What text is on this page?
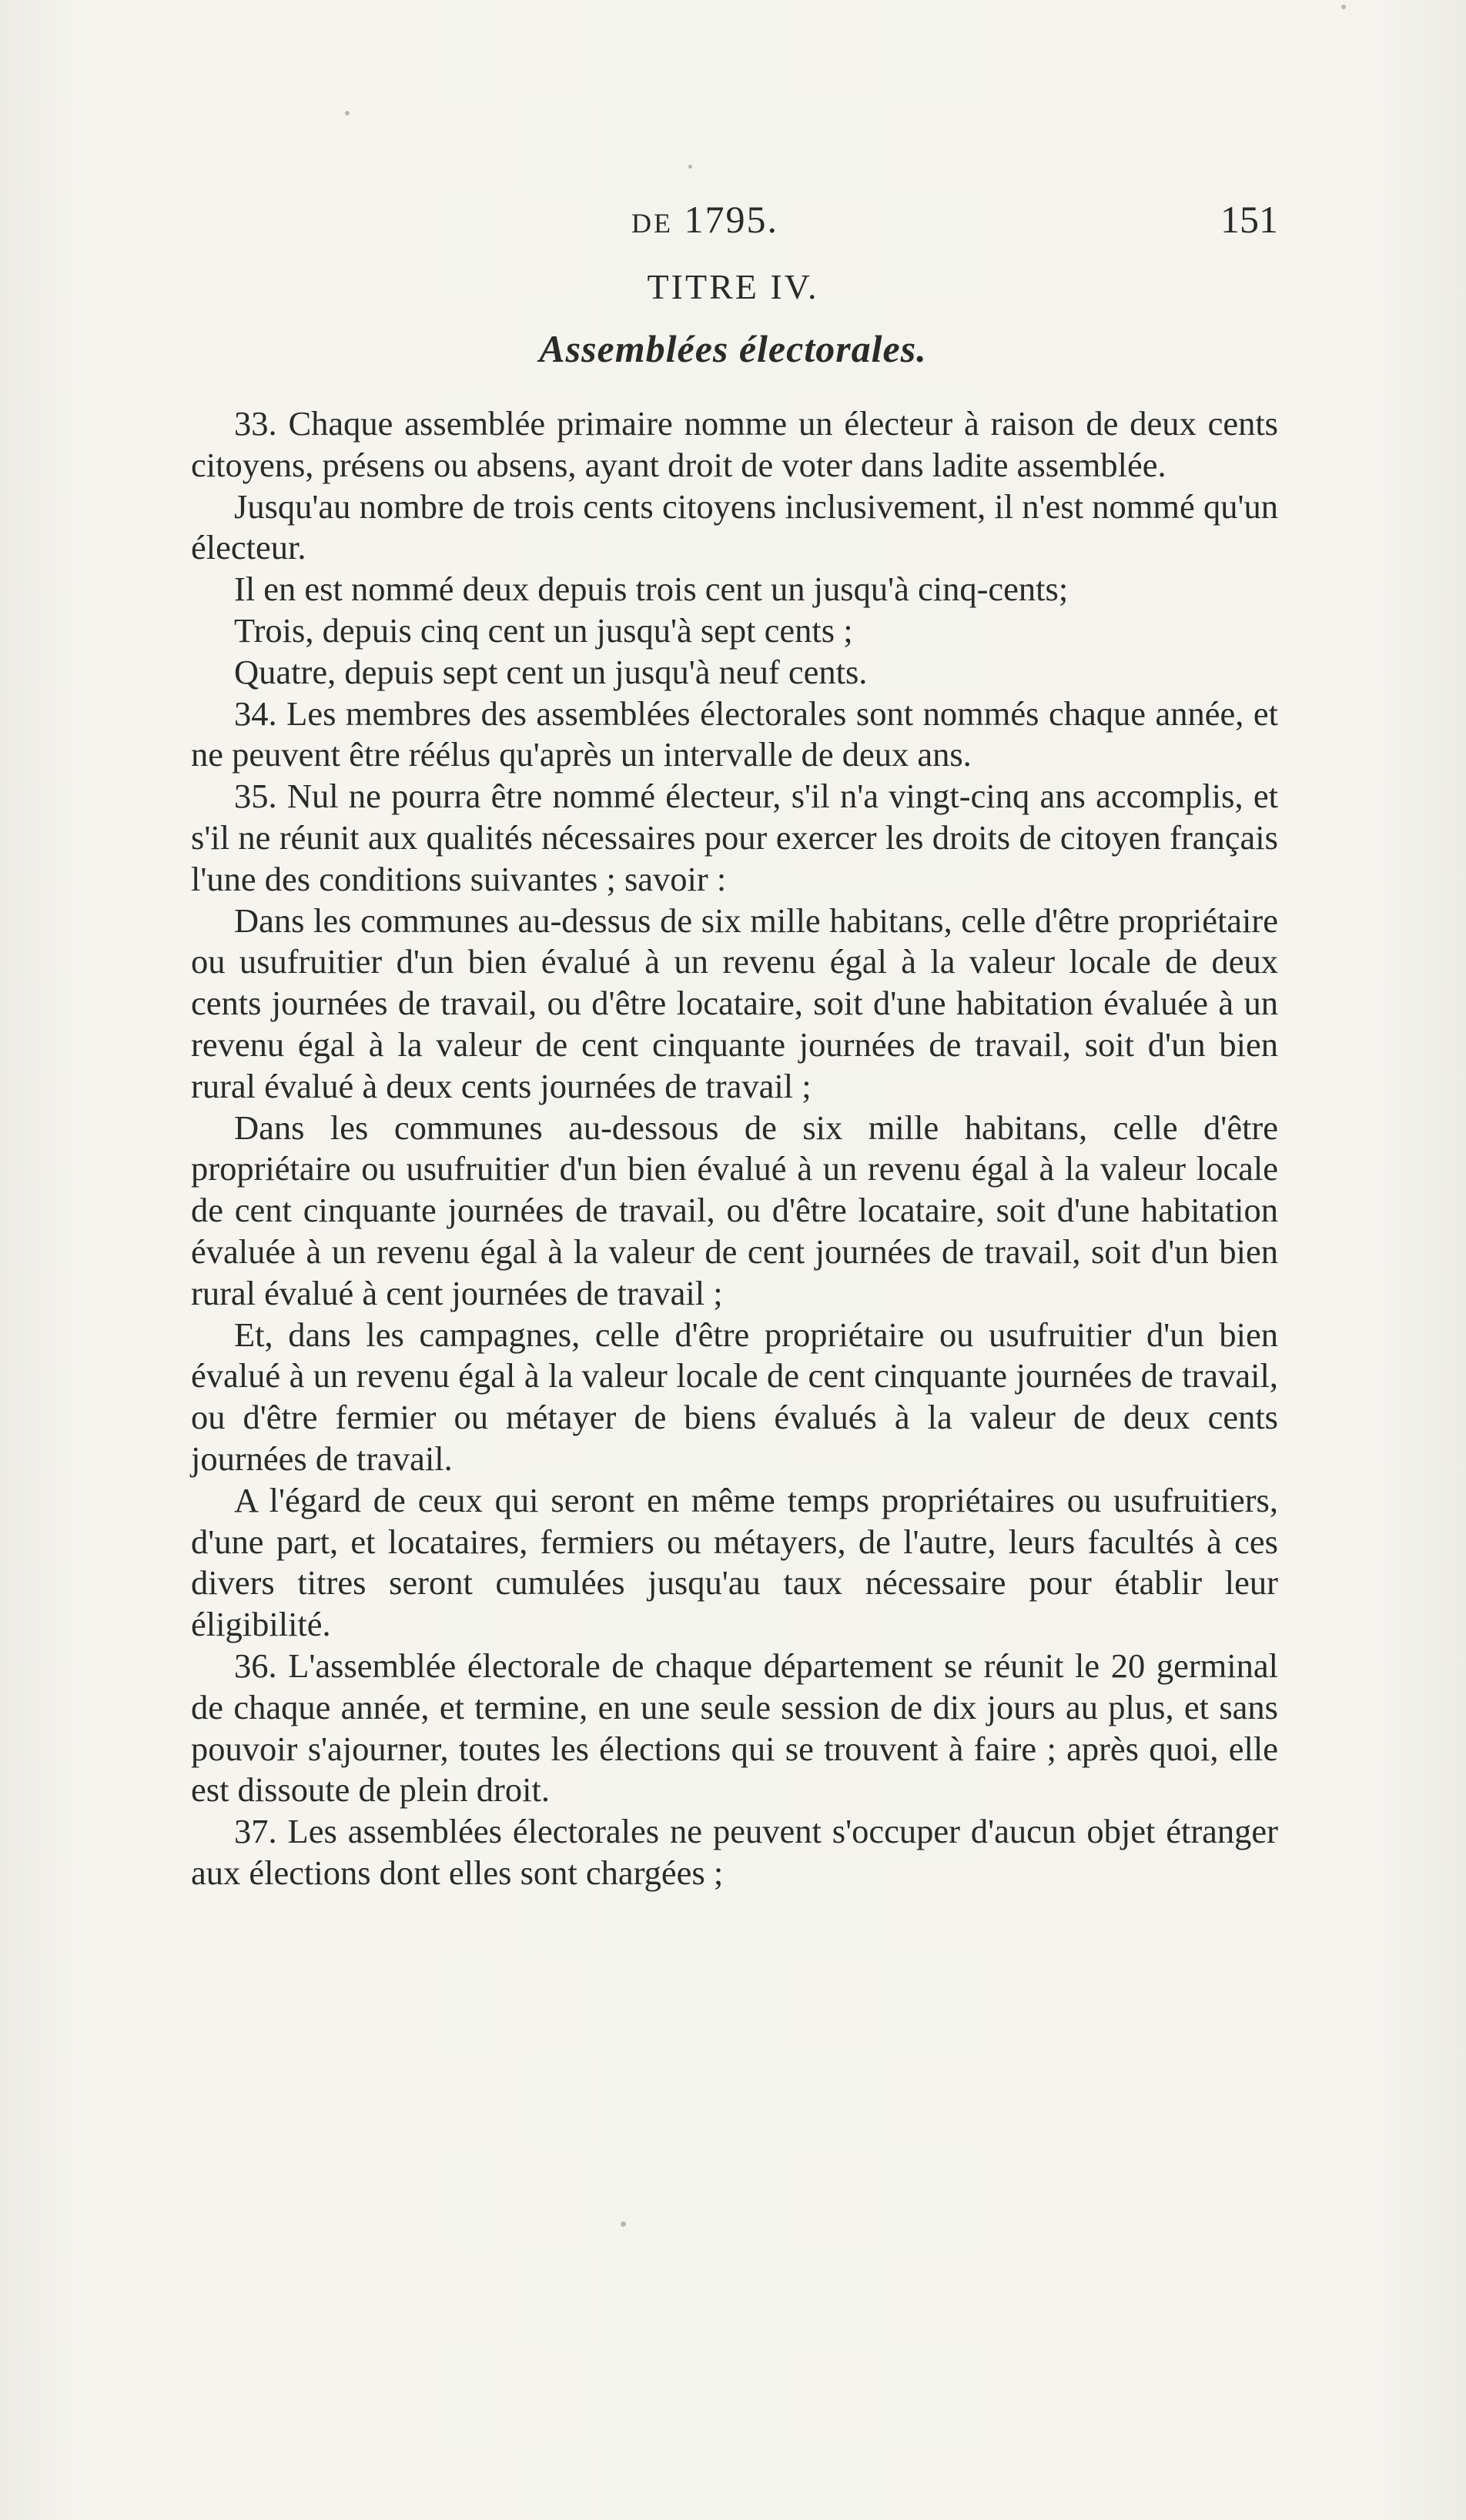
DE 1795.	151
TITRE IV.
Assemblées électorales.

33. Chaque assemblée primaire nomme un électeur à raison de deux cents citoyens, présens ou absens, ayant droit de voter dans ladite assemblée.

Jusqu'au nombre de trois cents citoyens inclusivement, il n'est nommé qu'un électeur.

Il en est nommé deux depuis trois cent un jusqu'à cinq-cents;

Trois, depuis cinq cent un jusqu'à sept cents ;

Quatre, depuis sept cent un jusqu'à neuf cents.

34. Les membres des assemblées électorales sont nommés chaque année, et ne peuvent être réélus qu'après un intervalle de deux ans.

35. Nul ne pourra être nommé électeur, s'il n'a vingt-cinq ans accomplis, et s'il ne réunit aux qualités nécessaires pour exercer les droits de citoyen français l'une des conditions suivantes ; savoir :

Dans les communes au-dessus de six mille habitans, celle d'être propriétaire ou usufruitier d'un bien évalué à un revenu égal à la valeur locale de deux cents journées de travail, ou d'être locataire, soit d'une habitation évaluée à un revenu égal à la valeur de cent cinquante journées de travail, soit d'un bien rural évalué à deux cents journées de travail ;

Dans les communes au-dessous de six mille habitans, celle d'être propriétaire ou usufruitier d'un bien évalué à un revenu égal à la valeur locale de cent cinquante journées de travail, ou d'être locataire, soit d'une habitation évaluée à un revenu égal à la valeur de cent journées de travail, soit d'un bien rural évalué à cent journées de travail ;

Et, dans les campagnes, celle d'être propriétaire ou usufruitier d'un bien évalué à un revenu égal à la valeur locale de cent cinquante journées de travail, ou d'être fermier ou métayer de biens évalués à la valeur de deux cents journées de travail.

A l'égard de ceux qui seront en même temps propriétaires ou usufruitiers, d'une part, et locataires, fermiers ou métayers, de l'autre, leurs facultés à ces divers titres seront cumulées jusqu'au taux nécessaire pour établir leur éligibilité.

36. L'assemblée électorale de chaque département se réunit le 20 germinal de chaque année, et termine, en une seule session de dix jours au plus, et sans pouvoir s'ajourner, toutes les élections qui se trouvent à faire ; après quoi, elle est dissoute de plein droit.

37. Les assemblées électorales ne peuvent s'occuper d'aucun objet étranger aux élections dont elles sont chargées ;
